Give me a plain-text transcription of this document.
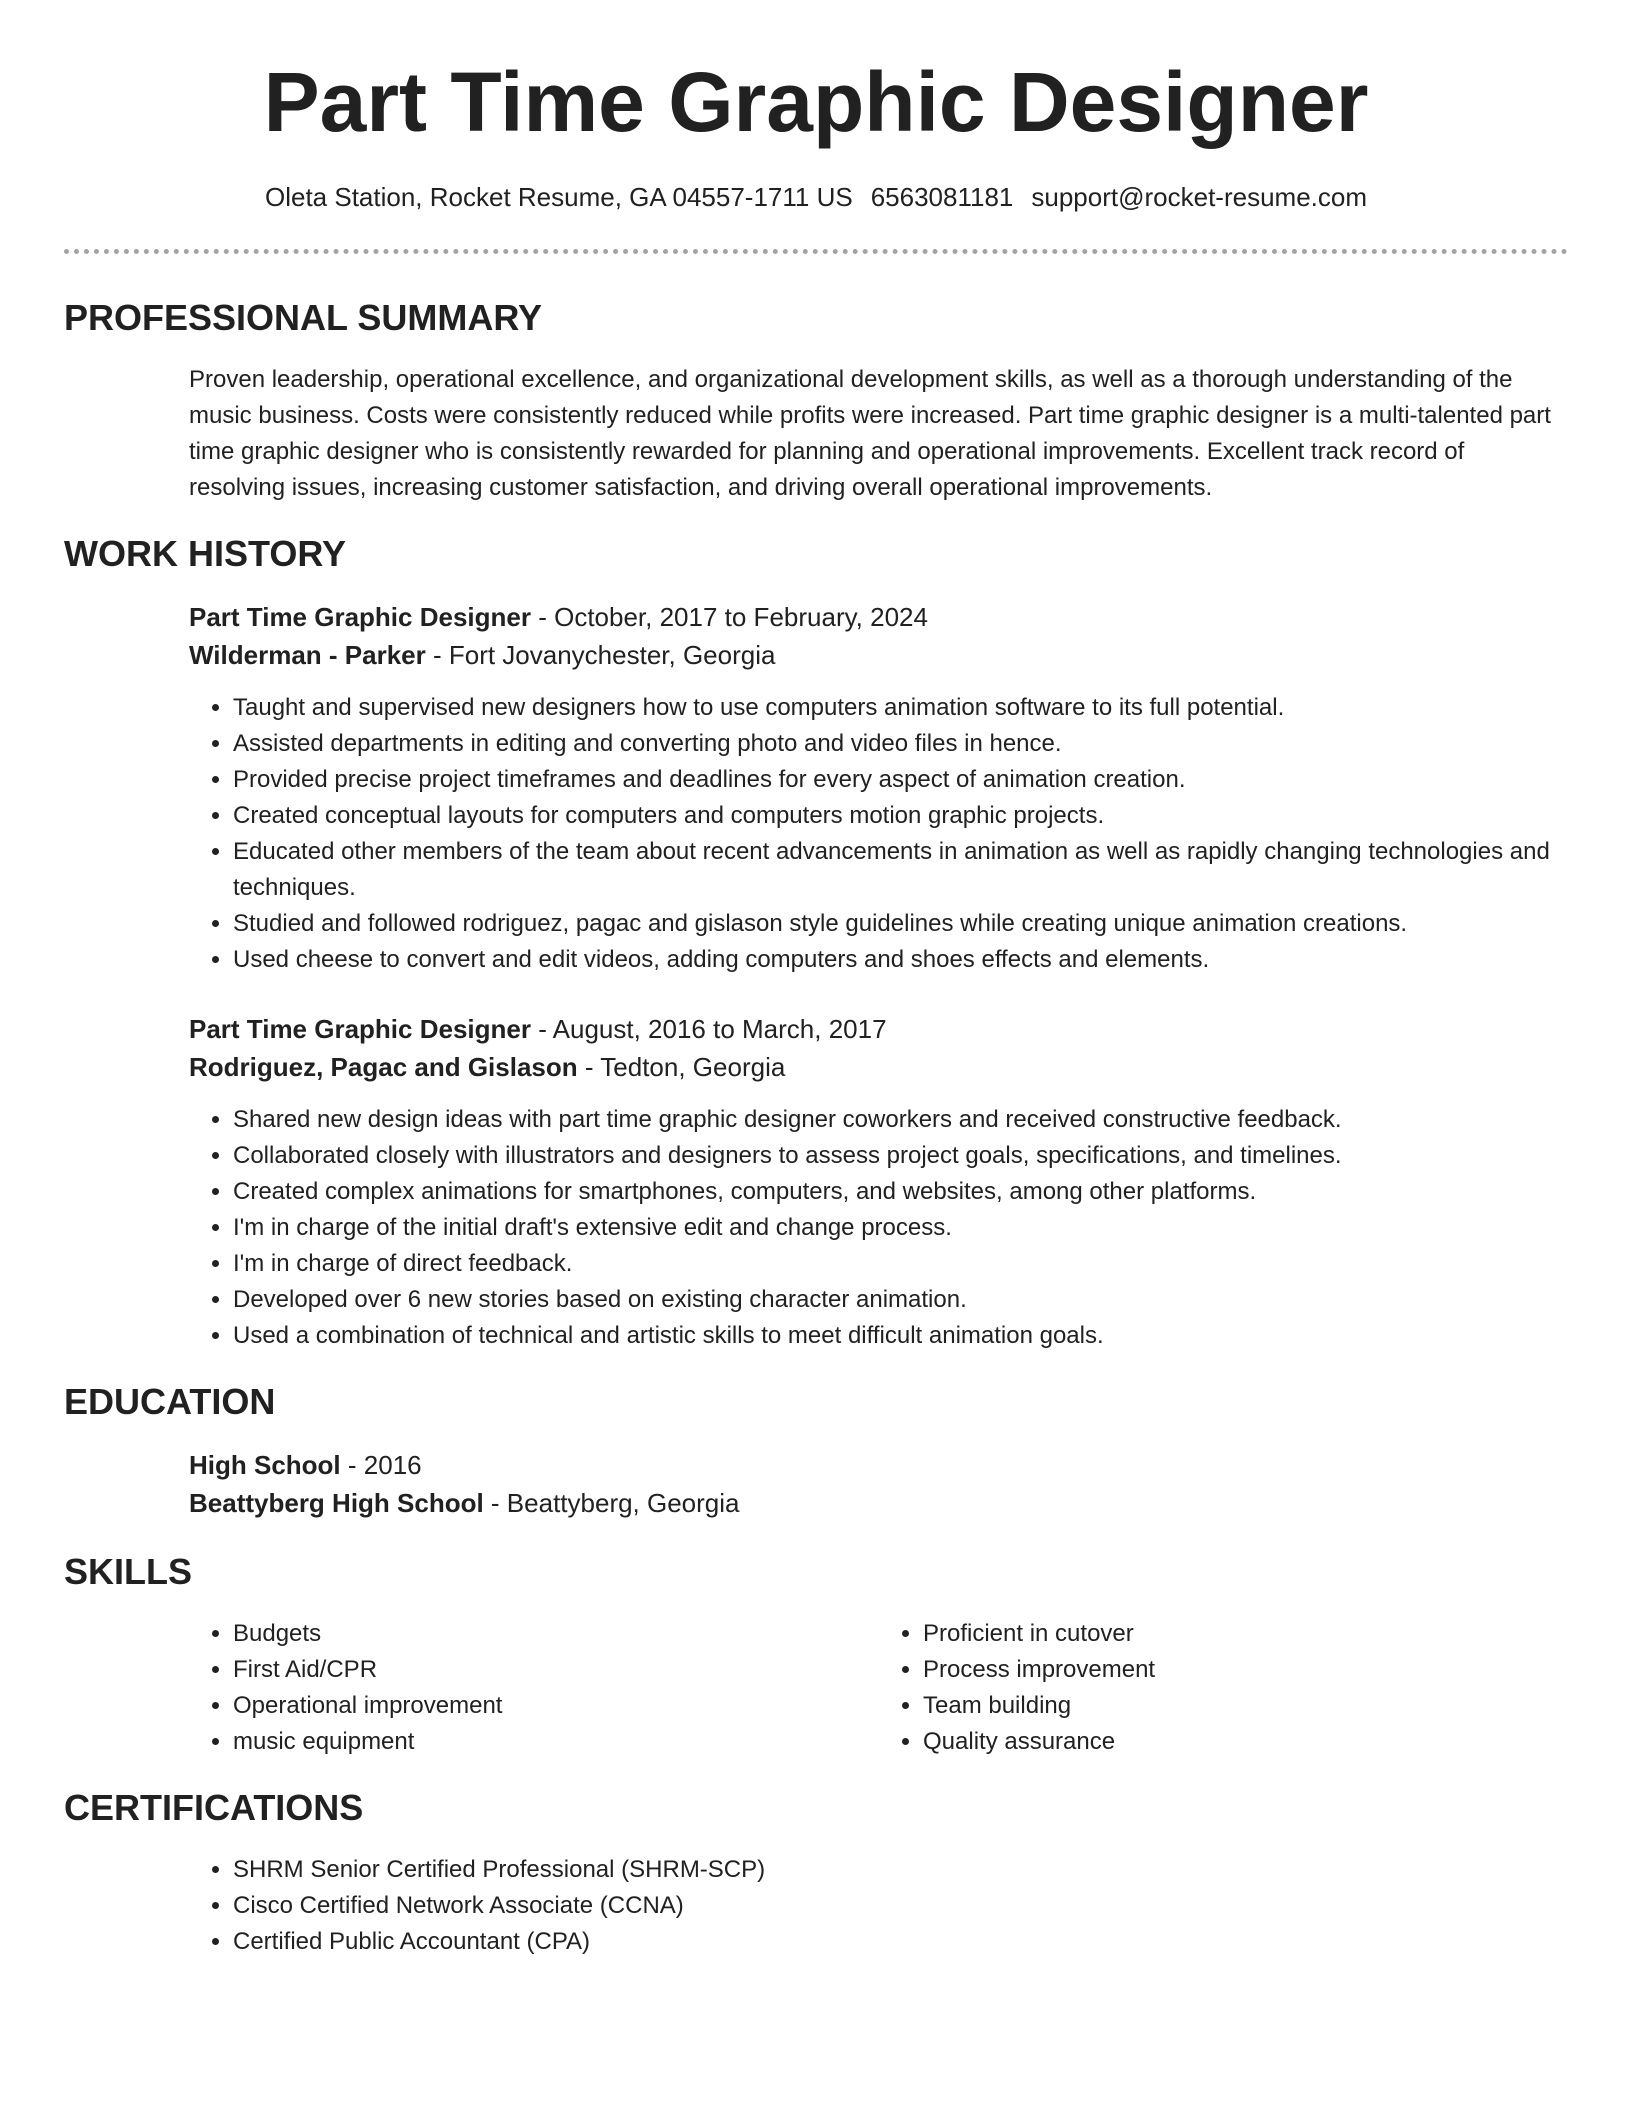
Part Time Graphic Designer
Oleta Station, Rocket Resume, GA 04557-1711 US 6563081181 support@rocket-resume.com
PROFESSIONAL SUMMARY

Proven leadership, operational excellence, and organizational development skills, as well as a thorough understanding of the music business. Costs were consistently reduced while profits were increased. Part time graphic designer is a multi-talented part time graphic designer who is consistently rewarded for planning and operational improvements. Excellent track record of resolving issues, increasing customer satisfaction, and driving overall operational improvements.

WORK HISTORY

Part Time Graphic Designer - October, 2017 to February, 2024

Wilderman - Parker - Fort Jovanychester, Georgia

• Taught and supervised new designers how to use computers animation software to its full potential.
• Assisted departments in editing and converting photo and video files in hence.
• Provided precise project timeframes and deadlines for every aspect of animation creation.
• Created conceptual layouts for computers and computers motion graphic projects.
• Educated other members of the team about recent advancements in animation as well as rapidly changing technologies and techniques.
• Studied and followed rodriguez, pagac and gislason style guidelines while creating unique animation creations.
• Used cheese to convert and edit videos, adding computers and shoes effects and elements.

Part Time Graphic Designer - August, 2016 to March, 2017

Rodriguez, Pagac and Gislason - Tedton, Georgia

• Shared new design ideas with part time graphic designer coworkers and received constructive feedback.
• Collaborated closely with illustrators and designers to assess project goals, specifications, and timelines.
• Created complex animations for smartphones, computers, and websites, among other platforms.
• I'm in charge of the initial draft's extensive edit and change process.
• I'm in charge of direct feedback.
• Developed over 6 new stories based on existing character animation.
• Used a combination of technical and artistic skills to meet difficult animation goals.
EDUCATION

High School - 2016

Beattyberg High School - Beattyberg, Georgia

SKILLS
• Budgets
• First Aid/CPR
• Operational improvement
• music equipment
• Proficient in cutover
• Process improvement
• Team building
• Quality assurance
CERTIFICATIONS
• SHRM Senior Certified Professional (SHRM-SCP)
• Cisco Certified Network Associate (CCNA)
• Certified Public Accountant (CPA)
